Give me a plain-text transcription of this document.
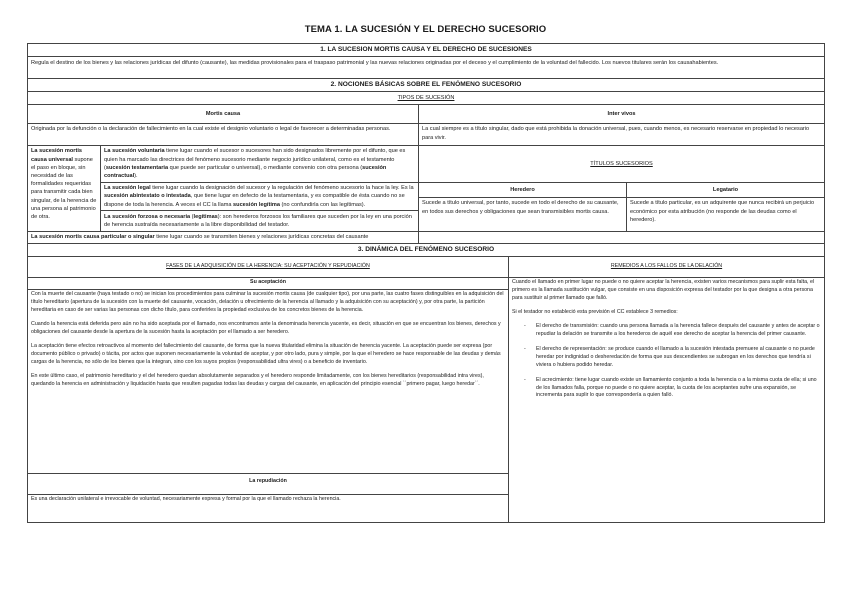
TEMA 1. LA SUCESIÓN Y EL DERECHO SUCESORIO
1. LA SUCESION MORTIS CAUSA Y EL DERECHO DE SUCESIONES			
Regula el destino de los bienes y las relaciones jurídicas del difunto (causante), las medidas provisionales para el traspaso patrimonial y las nuevas relaciones originadas por el deceso y el cumplimiento de la voluntad del fallecido. Los nuevos titulares serán los causahabientes.			
2. NOCIONES BÁSICAS SOBRE EL FENÓMENO SUCESORIO			
TIPOS DE SUCESIÓN			
Mortis causa		Inter vivos	
Originada por la defunción o la declaración de fallecimiento en la cual existe el designio voluntario o legal de favorecer a determinadas personas.		La cual siempre es a título singular, dado que está prohibida la donación universal, pues, cuando menos, es necesario reservarse en propiedad lo necesario para vivir.	
La sucesión mortis causa universal supone el paso en bloque, sin necesidad de las formalidades requeridas para transmitir cada bien singular, de la herencia de una persona al patrimonio de otra.	La sucesión voluntaria tiene lugar cuando el sucesor o sucesores han sido designados libremente por el difunto, que es quien ha marcado las directrices del fenómeno sucesorio mediante negocio jurídico unilateral, como es el testamento (sucesión testamentaria que puede ser particular o universal), o mediante convenio con otra persona (sucesión contractual).	TÍTULOS SUCESORIOS	
	La sucesión legal tiene lugar cuando la designación del sucesor y la regulación del fenómeno sucesorio la hace la ley. Es la sucesión abintestato o intestada, que tiene lugar en defecto de la testamentaria, y es compatible de ésta cuando no se dispone de toda la herencia. A veces el CC la llama sucesión legítima (no confundirla con las legítimas).	Heredero	Legatario
		Sucede a título universal, por tanto, sucede en todo el derecho de su causante, en todos sus derechos y obligaciones que sean transmisibles mortis causa.	Sucede a título particular, es un adquirente que nunca recibirá un perjuicio económico por esta atribución (no responde de las deudas como el heredero).
	La sucesión forzosa o necesaria (legítimas): son herederos forzosos los familiares que suceden por la ley en una porción de herencia sustraída necesariamente a la libre disponibilidad del testador.		
La sucesión mortis causa particular o singular tiene lugar cuando se transmiten bienes y relaciones jurídicas concretas del causante			
3. DINÁMICA DEL FENÓMENO SUCESORIO			
FASES DE LA ADQUISICIÓN DE LA HERENCIA: SU ACEPTACIÓN Y REPUDIACIÓN	REMEDIOS A LOS FALLOS DE LA DELACIÓN

Su aceptación

Con la muerte del causante (haya testado o no) se inician los procedimientos para culminar la sucesión mortis causa (de cualquier tipo), por una parte, las cuatro fases distinguibles en la adquisición del título hereditario (apertura de la sucesión con la muerte del causante, vocación, delación u ofrecimiento de la herencia al llamado y la adquisición con su aceptación) y, por otra parte, la partición hereditaria en caso de ser varias las personas con dicho título, para conferirles la propiedad exclusiva de los concretos bienes de la herencia.

Cuando la herencia está deferida pero aún no ha sido aceptada por el llamado, nos encontramos ante la denominada herencia yacente, es decir, situación en que se encuentran los bienes, derechos y obligaciones del causante desde la apertura de la sucesión hasta la aceptación por el llamado a ser heredero.

La aceptación tiene efectos retroactivos al momento del fallecimiento del causante, de forma que la nueva titularidad elimina la situación de herencia yacente. La aceptación puede ser expresa (por documento público o privado) o tácita, por actos que suponen necesariamente la voluntad de aceptar, y por otro lado, pura y simple, por la que el heredero se hace responsable de las deudas y demás cargas de la herencia, no sólo de los bienes que la integran, sino con los suyos propios (responsabilidad ultra vires) o a beneficio de inventario.

En este último caso, el patrimonio hereditario y el del heredero quedan absolutamente separados y el heredero responde limitadamente, con los bienes hereditarios (responsabilidad intra vires), quedando la herencia en administración y liquidación hasta que resulten pagadas todas las deudas y cargas del causante, en aplicación del principio esencial ``primero pagar, luego heredar´´.

La repudiación
Es una declaración unilateral e irrevocable de voluntad, necesariamente expresa y formal por la que el llamado rechaza la herencia.

Cuando el llamado en primer lugar no puede o no quiere aceptar la herencia, existen varios mecanismos para suplir esta falta, el primero es la llamada sustitución vulgar, que consiste en una disposición expresa del testador por la que designa a otra persona para sustituir al primer llamado que falló.

Si el testador no estableció esta previsión el CC establece 3 remedios:

- El derecho de transmisión: cuando una persona llamada a la herencia fallece después del causante y antes de aceptar o repudiar la delación se transmite a los herederos de aquél ese derecho de aceptar la herencia del primer causante.
- El derecho de representación: se produce cuando el llamado a la sucesión intestada premuere al causante o no puede heredar por indignidad o desheredación de forma que sus descendientes se subrogan en los derechos que tendría si viviera o hubiera podido heredar.
- El acrecimiento: tiene lugar cuando existe un llamamiento conjunto a toda la herencia o a la misma cuota de ella; si uno de los llamados falla, porque no puede o no quiere aceptar, la cuota de los aceptantes sufre una expansión, se incrementa para suplir lo que correspondería a quien falló.
